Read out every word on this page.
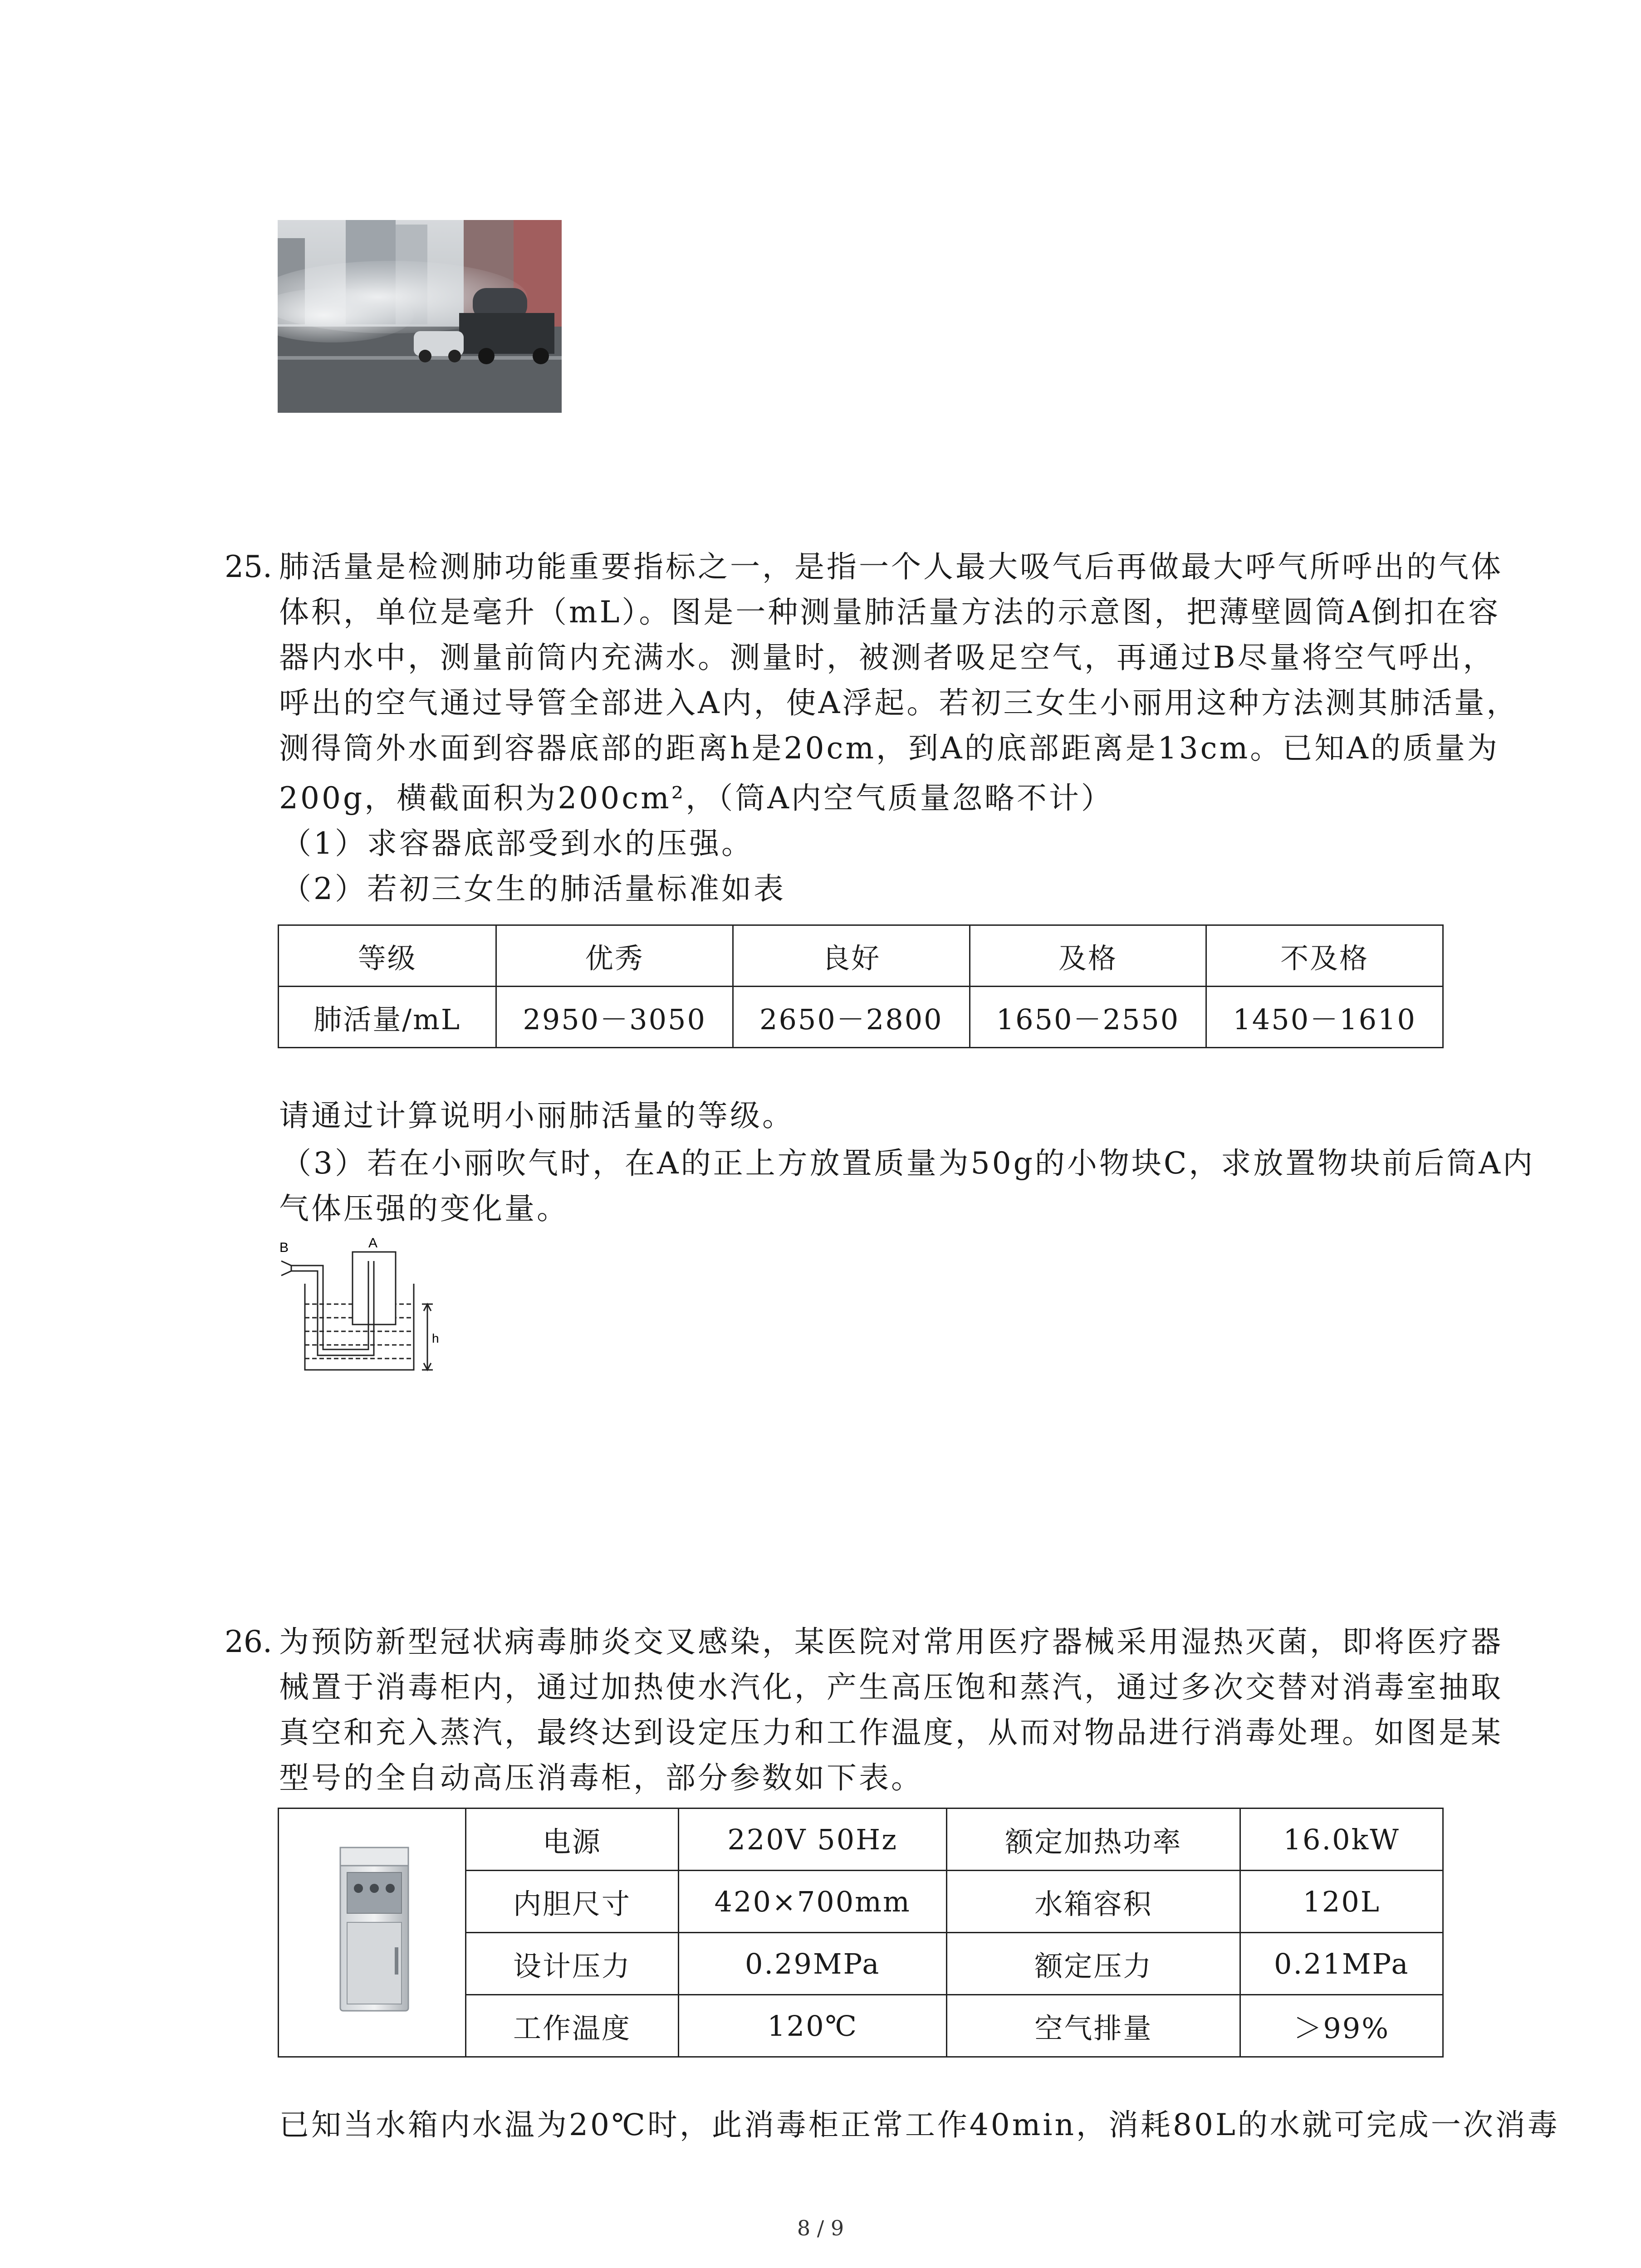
25. 肺活量是检测肺功能重要指标之一，是指一个人最大吸气后再做最大呼气所呼出的气体
体积，单位是毫升（mL）。图是一种测量肺活量方法的示意图，把薄壁圆筒A倒扣在容
器内水中，测量前筒内充满水。测量时，被测者吸足空气，再通过B尽量将空气呼出，
呼出的空气通过导管全部进入A内，使A浮起。若初三女生小丽用这种方法测其肺活量，
测得筒外水面到容器底部的距离h是20cm，到A的底部距离是13cm。已知A的质量为
200g，横截面积为200cm²，（筒A内空气质量忽略不计）
（1）求容器底部受到水的压强。
（2）若初三女生的肺活量标准如表
等级	优秀	良好	及格	不及格
肺活量/mL	2950－3050	2650－2800	1650－2550	1450－1610
请通过计算说明小丽肺活量的等级。
（3）若在小丽吹气时，在A的正上方放置质量为50g的小物块C，求放置物块前后筒A内
气体压强的变化量。
B	A
h
26. 为预防新型冠状病毒肺炎交叉感染，某医院对常用医疗器械采用湿热灭菌，即将医疗器
械置于消毒柜内，通过加热使水汽化，产生高压饱和蒸汽，通过多次交替对消毒室抽取
真空和充入蒸汽，最终达到设定压力和工作温度，从而对物品进行消毒处理。如图是某
型号的全自动高压消毒柜，部分参数如下表。
	电源	220V 50Hz	额定加热功率	16.0kW
	内胆尺寸	420×700mm	水箱容积	120L
	设计压力	0.29MPa	额定压力	0.21MPa
	工作温度	120℃	空气排量	＞99%
已知当水箱内水温为20℃时，此消毒柜正常工作40min，消耗80L的水就可完成一次消毒
8 / 9
